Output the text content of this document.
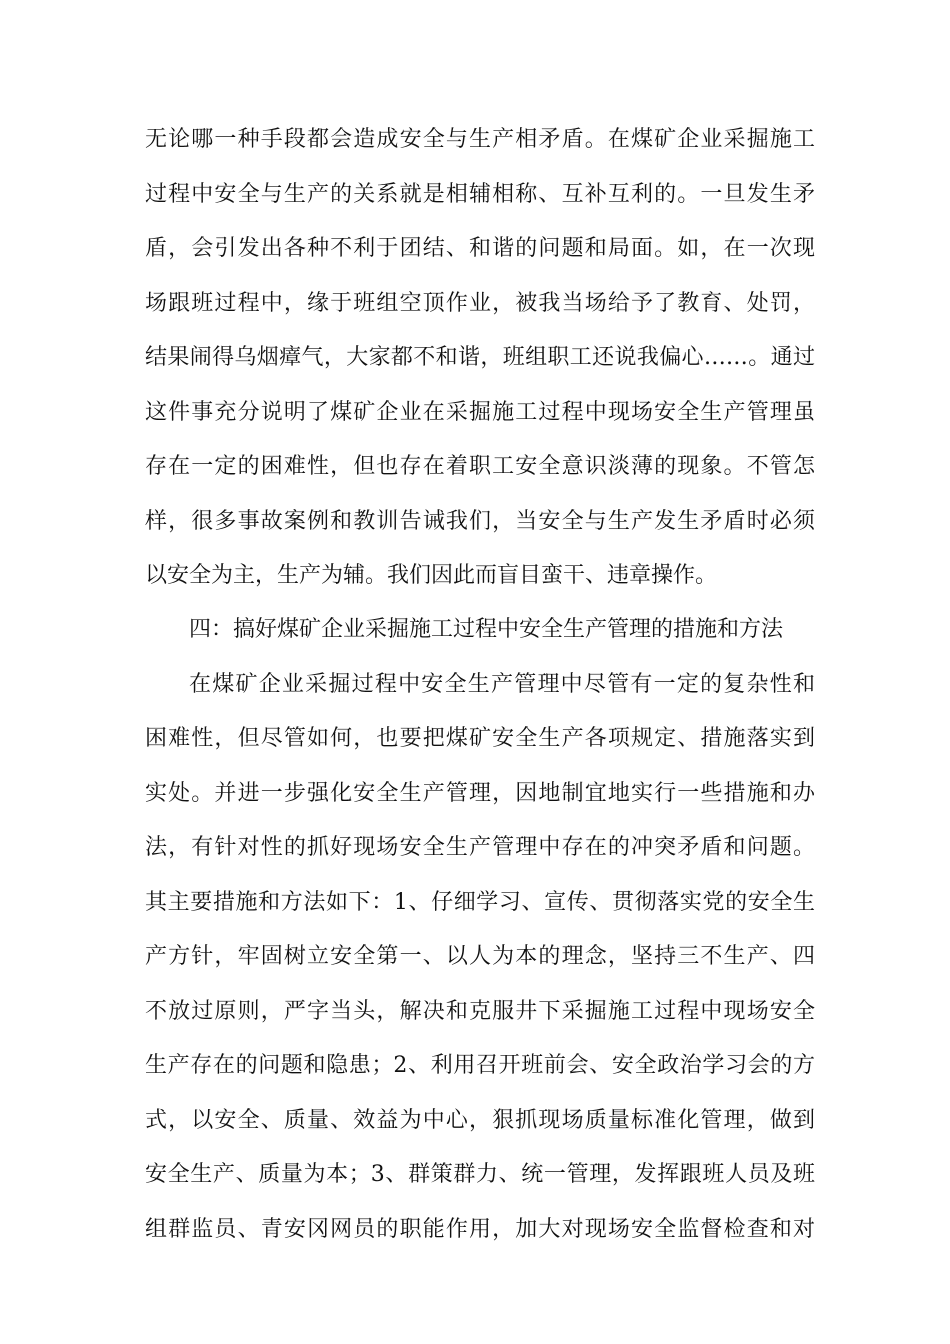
无论哪一种手段都会造成安全与生产相矛盾。在煤矿企业采掘施工
过程中安全与生产的关系就是相辅相称、互补互利的。一旦发生矛
盾，会引发出各种不利于团结、和谐的问题和局面。如，在一次现
场跟班过程中，缘于班组空顶作业，被我当场给予了教育、处罚，
结果闹得乌烟瘴气，大家都不和谐，班组职工还说我偏心……。通过
这件事充分说明了煤矿企业在采掘施工过程中现场安全生产管理虽
存在一定的困难性，但也存在着职工安全意识淡薄的现象。不管怎
样，很多事故案例和教训告诫我们，当安全与生产发生矛盾时必须
以安全为主，生产为辅。我们因此而盲目蛮干、违章操作。
四：搞好煤矿企业采掘施工过程中安全生产管理的措施和方法
在煤矿企业采掘过程中安全生产管理中尽管有一定的复杂性和
困难性，但尽管如何，也要把煤矿安全生产各项规定、措施落实到
实处。并进一步强化安全生产管理，因地制宜地实行一些措施和办
法，有针对性的抓好现场安全生产管理中存在的冲突矛盾和问题。
其主要措施和方法如下：1、仔细学习、宣传、贯彻落实党的安全生
产方针，牢固树立安全第一、以人为本的理念，坚持三不生产、四
不放过原则，严字当头，解决和克服井下采掘施工过程中现场安全
生产存在的问题和隐患；2、利用召开班前会、安全政治学习会的方
式，以安全、质量、效益为中心，狠抓现场质量标准化管理，做到
安全生产、质量为本；3、群策群力、统一管理，发挥跟班人员及班
组群监员、青安冈网员的职能作用，加大对现场安全监督检查和对
